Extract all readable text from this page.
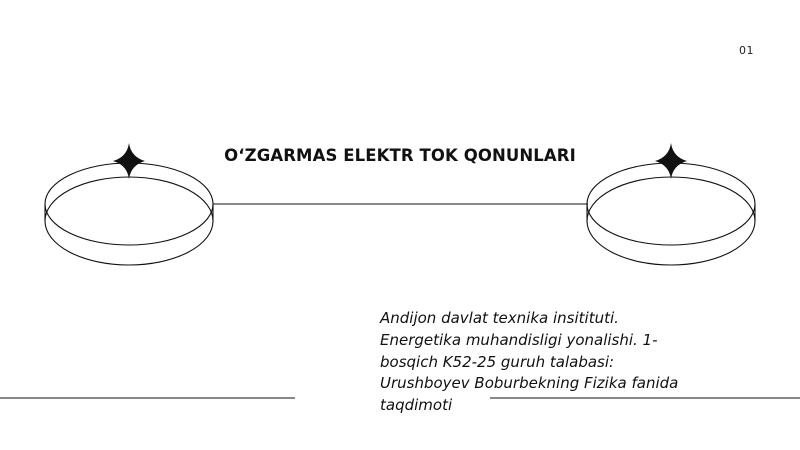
01
O‘ZGARMAS ELEKTR TOK QONUNLARI

Andijon davlat texnika insitituti. Energetika muhandisligi yonalishi. 1-bosqich K52-25 guruh talabasi: Urushboyev Boburbekning Fizika fanida taqdimoti
